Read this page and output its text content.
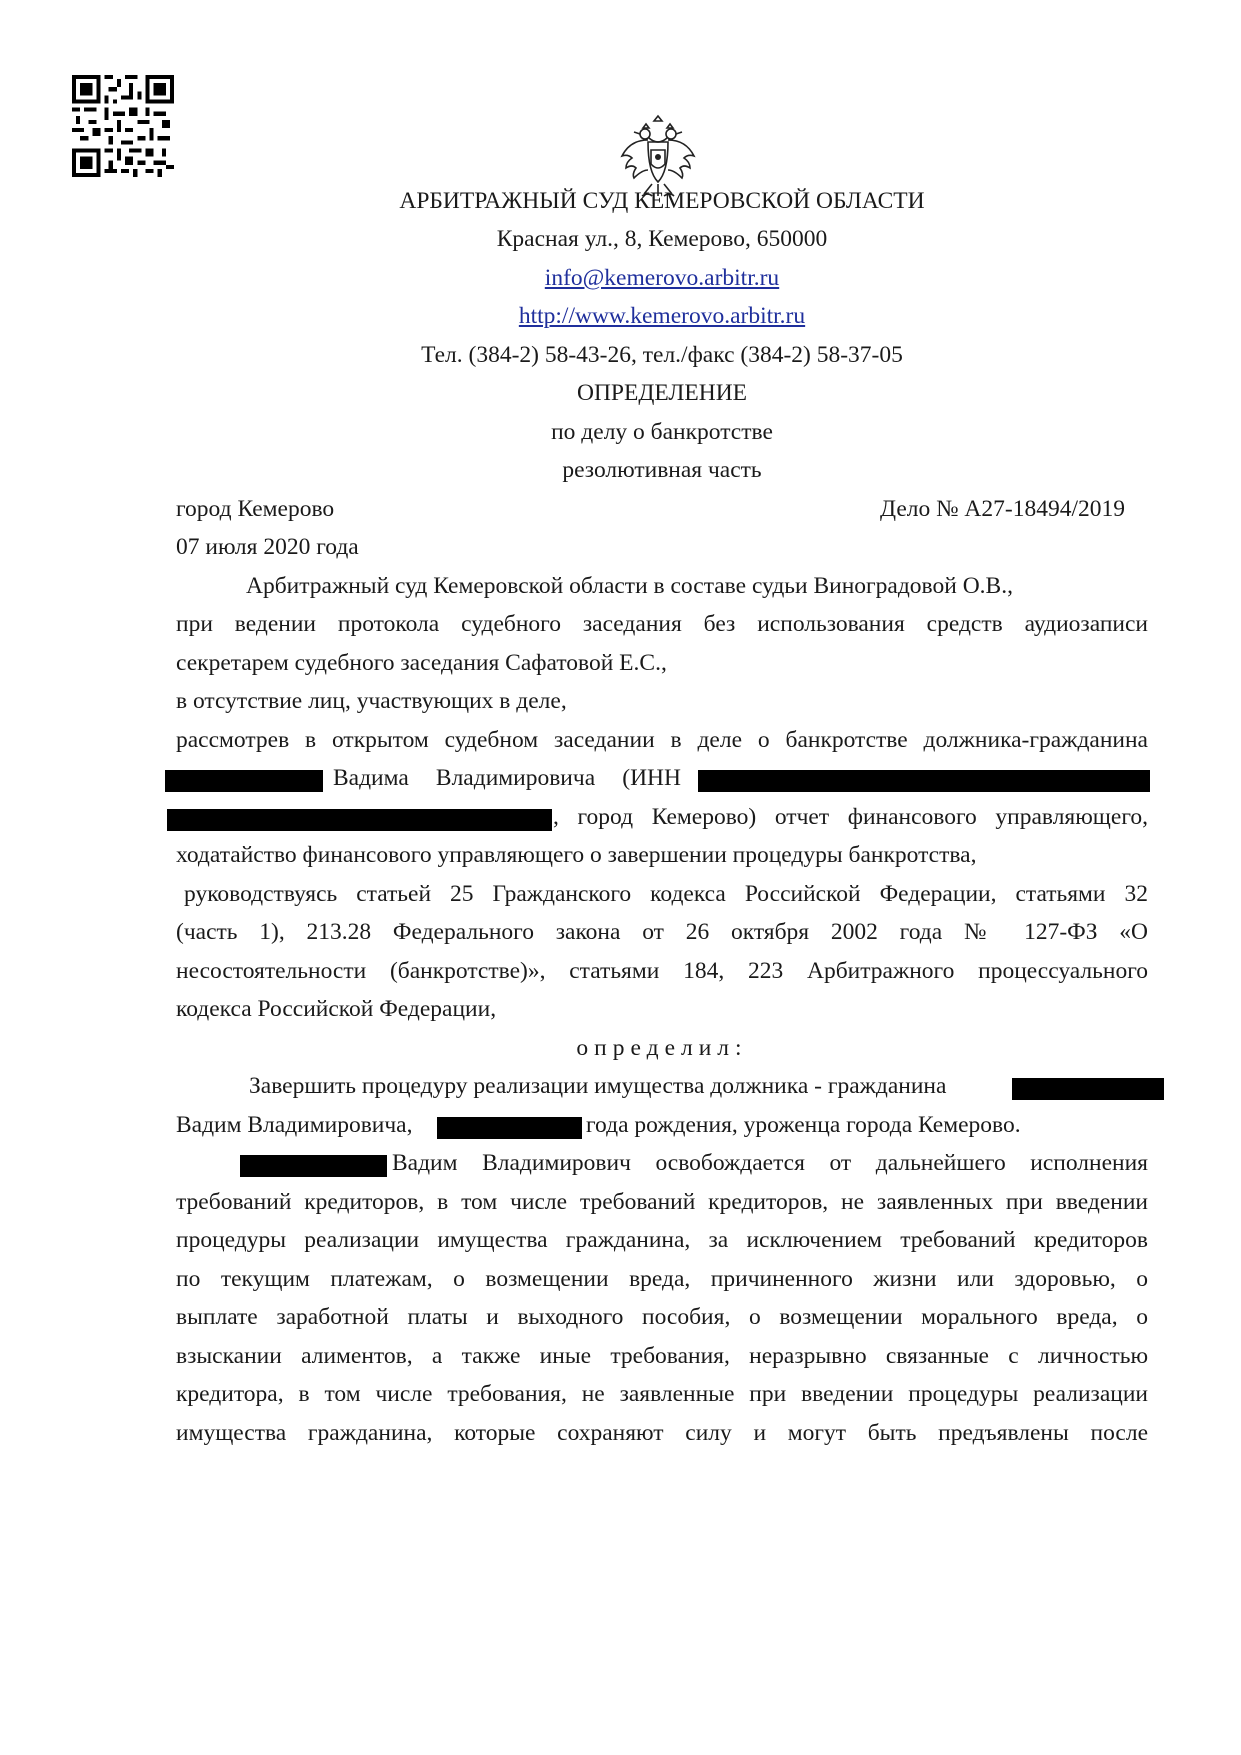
АРБИТРАЖНЫЙ СУД КЕМЕРОВСКОЙ ОБЛАСТИ
Красная ул., 8, Кемерово, 650000
info@kemerovo.arbitr.ru
http://www.kemerovo.arbitr.ru
Тел. (384-2) 58-43-26, тел./факс (384-2) 58-37-05
ОПРЕДЕЛЕНИЕ
по делу о банкротстве
резолютивная часть
город Кемерово	Дело № А27-18494/2019
07 июля 2020 года
Арбитражный суд Кемеровской области в составе судьи Виноградовой О.В.,
при ведении протокола судебного заседания без использования средств аудиозаписи
секретарем судебного заседания Сафатовой Е.С.,
в отсутствие лиц, участвующих в деле,
рассмотрев в открытом судебном заседании в деле о банкротстве должника-гражданина
Вадима Владимировича (ИНН
, город Кемерово) отчет финансового управляющего,
ходатайство финансового управляющего о завершении процедуры банкротства,
руководствуясь статьей 25 Гражданского кодекса Российской Федерации, статьями 32
(часть 1), 213.28 Федерального закона от 26 октября 2002 года № 127-ФЗ «О
несостоятельности (банкротстве)», статьями 184, 223 Арбитражного процессуального
кодекса Российской Федерации,
определил:
Завершить процедуру реализации имущества должника - гражданина
Вадим Владимировича,	года рождения, уроженца города Кемерово.
Вадим Владимирович освобождается от дальнейшего исполнения
требований кредиторов, в том числе требований кредиторов, не заявленных при введении
процедуры реализации имущества гражданина, за исключением требований кредиторов
по текущим платежам, о возмещении вреда, причиненного жизни или здоровью, о
выплате заработной платы и выходного пособия, о возмещении морального вреда, о
взыскании алиментов, а также иные требования, неразрывно связанные с личностью
кредитора, в том числе требования, не заявленные при введении процедуры реализации
имущества гражданина, которые сохраняют силу и могут быть предъявлены после
